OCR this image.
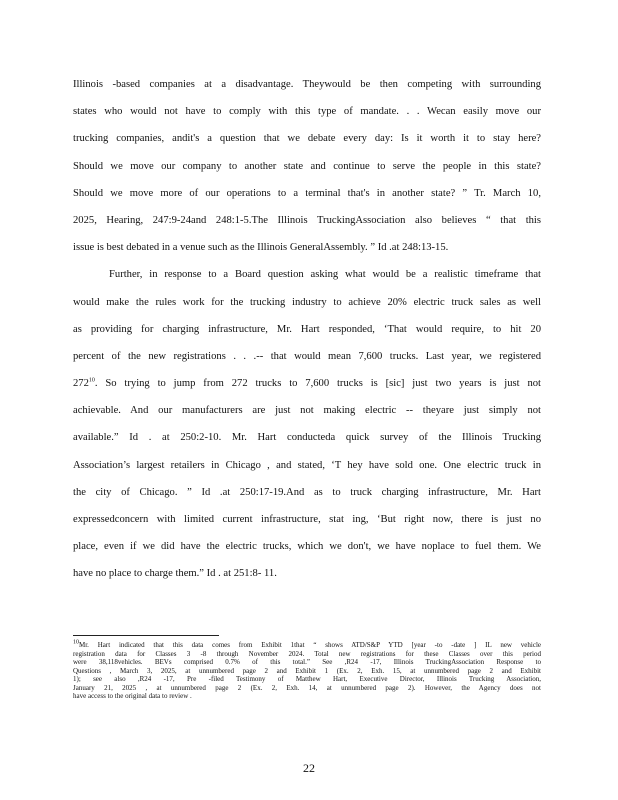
Illinois -based companies at a disadvantage. Theywould be then competing with surrounding
states who would not have to comply with this type of mandate. . . Wecan easily move our
trucking companies, andit's a question that we debate every day: Is it worth it to stay here?
Should we move our company to another state and continue to serve the people in this state?
Should we move more of our operations to a terminal that's in another state? ” Tr. March 10,
2025, Hearing, 247:9-24and 248:1-5.The Illinois TruckingAssociation also believes “ that this
issue is best debated in a venue such as the Illinois GeneralAssembly. ” Id .at 248:13-15.
Further, in response to a Board question asking what would be a realistic timeframe that
would make the rules work for the trucking industry to achieve 20% electric truck sales as well
as providing for charging infrastructure, Mr. Hart responded, ‘That would require, to hit 20
percent of the new registrations . . .-- that would mean 7,600 trucks. Last year, we registered
$272^{10}$. So trying to jump from 272 trucks to 7,600 trucks is [sic] just two years is just not
achievable. And our manufacturers are just not making electric -- theyare just simply not
available.” Id . at 250:2-10. Mr. Hart conducteda quick survey of the Illinois Trucking
Association’s largest retailers in Chicago , and stated, ‘T hey have sold one. One electric truck in
the city of Chicago. ” Id .at 250:17-19.And as to truck charging infrastructure, Mr. Hart
expressedconcern with limited current infrastructure, stat ing, ‘But right now, there is just no
place, even if we did have the electric trucks, which we don't, we have noplace to fuel them. We
have no place to charge them.” Id . at 251:8- 11.
$^{10}$Mr. Hart indicated that this data comes from Exhibit 1that “ shows ATD/S&P YTD [year -to -date ] IL new vehicle
registration data for Classes 3 -8 through November 2024. Total new registrations for these Classes over this period
were 38,118vehicles. BEVs comprised 0.7% of this total.” See ,R24 -17, Illinois TruckingAssociation Response to
Questions , March 3, 2025, at unnumbered page 2 and Exhibit 1 (Ex. 2, Exh. 15, at unnumbered page 2 and Exhibit
1); see also ,R24 -17, Pre -filed Testimony of Matthew Hart, Executive Director, Illinois Trucking Association,
January 21, 2025 , at unnumbered page 2 (Ex. 2, Exh. 14, at unnumbered page 2). However, the Agency does not
have access to the original data to review .
22
